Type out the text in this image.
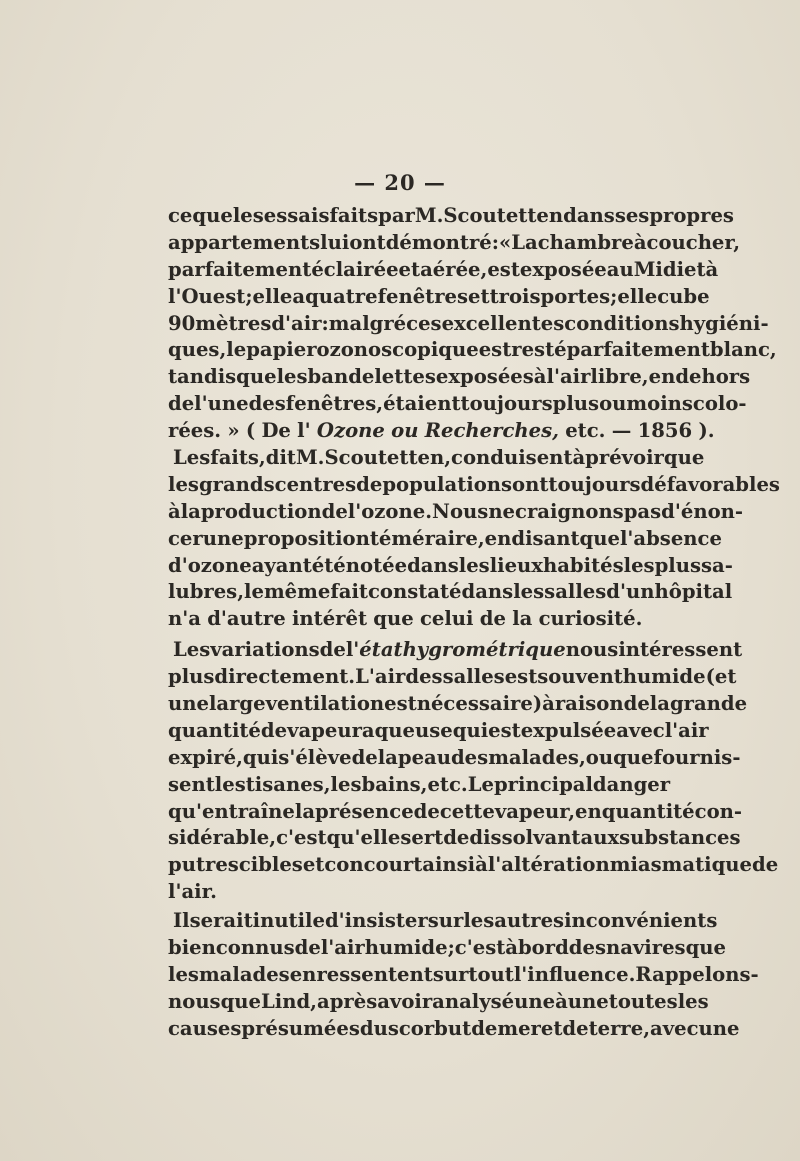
— 20 —
ce que les essais faits par M. Scoutetten dans ses propres
appartements lui ont démontré : « La chambre à coucher,
parfaitement éclairée et aérée, est exposée au Midi et à
l'Ouest ; elle a quatre fenêtres et trois portes ; elle cube
90 mètres d'air : malgré ces excellentes conditions hygiéni-
ques, le papier ozonoscopique est resté parfaitement blanc,
tandis que les bandelettes exposées à l'air libre, en dehors
de l'une des fenêtres, étaient toujours plus ou moins colo-
rées. » ( De l' Ozone ou Recherches, etc. — 1856 ).
Les faits, dit M. Scoutetten, conduisent à prévoir que
les grands centres de population sont toujours défavorables
à la production de l'ozone. Nous ne craignons pas d'énon-
cer une proposition téméraire, en disant que l'absence
d'ozone ayant été notée dans les lieux habités les plus sa-
lubres, le même fait constaté dans les salles d'un hôpital
n'a d'autre intérêt que celui de la curiosité.
Les variations de l'état hygrométrique nous intéressent
plus directement. L'air des salles est souvent humide (et
une large ventilation est nécessaire ) à raison de la grande
quantité de vapeur aqueuse qui est expulsée avec l'air
expiré, qui s'élève de la peau des malades, ou que fournis-
sent les tisanes, les bains, etc. Le principal danger
qu'entraîne la présence de cette vapeur, en quantité con-
sidérable, c'est qu'elle sert de dissolvant aux substances
putrescibles et concourt ainsi à l'altération miasmatique de
l'air.
Il serait inutile d'insister sur les autres inconvénients
bien connus de l'air humide ; c'est à bord des navires que
les malades en ressentent surtout l'influence. Rappelons-
nous que Lind, après avoir analysé une à une toutes les
causes présumées du scorbut de mer et de terre, avec une
